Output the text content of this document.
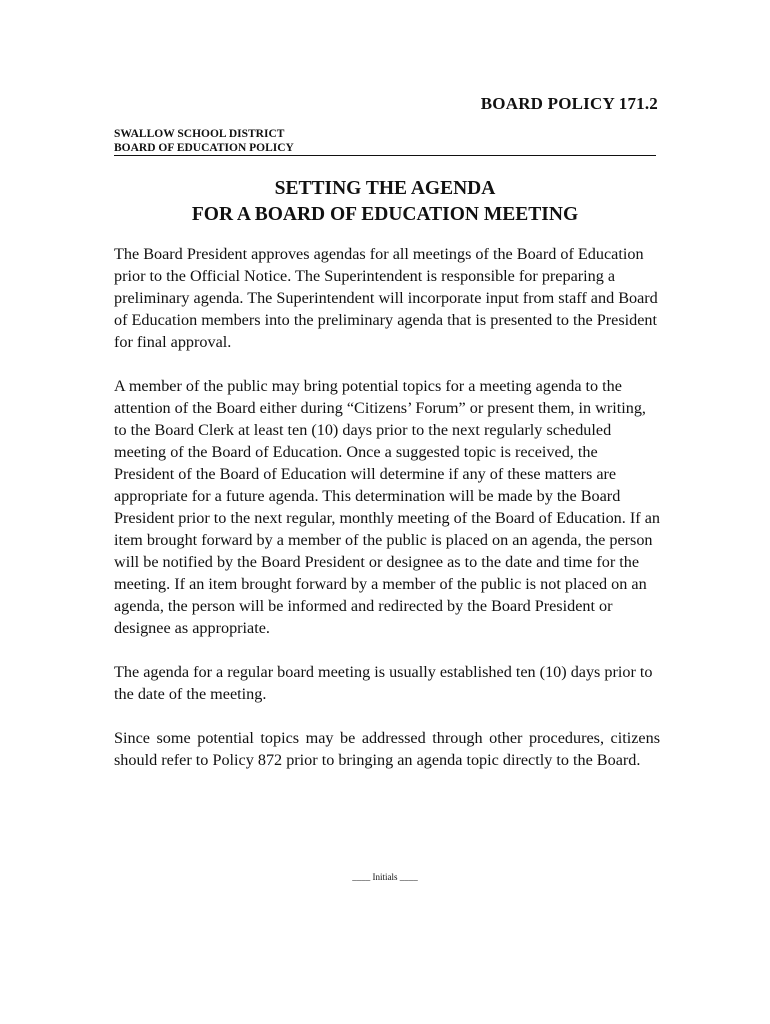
BOARD POLICY 171.2
SWALLOW SCHOOL DISTRICT
BOARD OF EDUCATION POLICY
SETTING THE AGENDA
FOR A BOARD OF EDUCATION MEETING

The Board President approves agendas for all meetings of the Board of Education prior to the Official Notice. The Superintendent is responsible for preparing a preliminary agenda. The Superintendent will incorporate input from staff and Board of Education members into the preliminary agenda that is presented to the President for final approval.

A member of the public may bring potential topics for a meeting agenda to the attention of the Board either during “Citizens’ Forum” or present them, in writing, to the Board Clerk at least ten (10) days prior to the next regularly scheduled meeting of the Board of Education. Once a suggested topic is received, the President of the Board of Education will determine if any of these matters are appropriate for a future agenda. This determination will be made by the Board President prior to the next regular, monthly meeting of the Board of Education. If an item brought forward by a member of the public is placed on an agenda, the person will be notified by the Board President or designee as to the date and time for the meeting. If an item brought forward by a member of the public is not placed on an agenda, the person will be informed and redirected by the Board President or designee as appropriate.

The agenda for a regular board meeting is usually established ten (10) days prior to the date of the meeting.

Since some potential topics may be addressed through other procedures, citizens should refer to Policy 872 prior to bringing an agenda topic directly to the Board.

____ Initials ____
